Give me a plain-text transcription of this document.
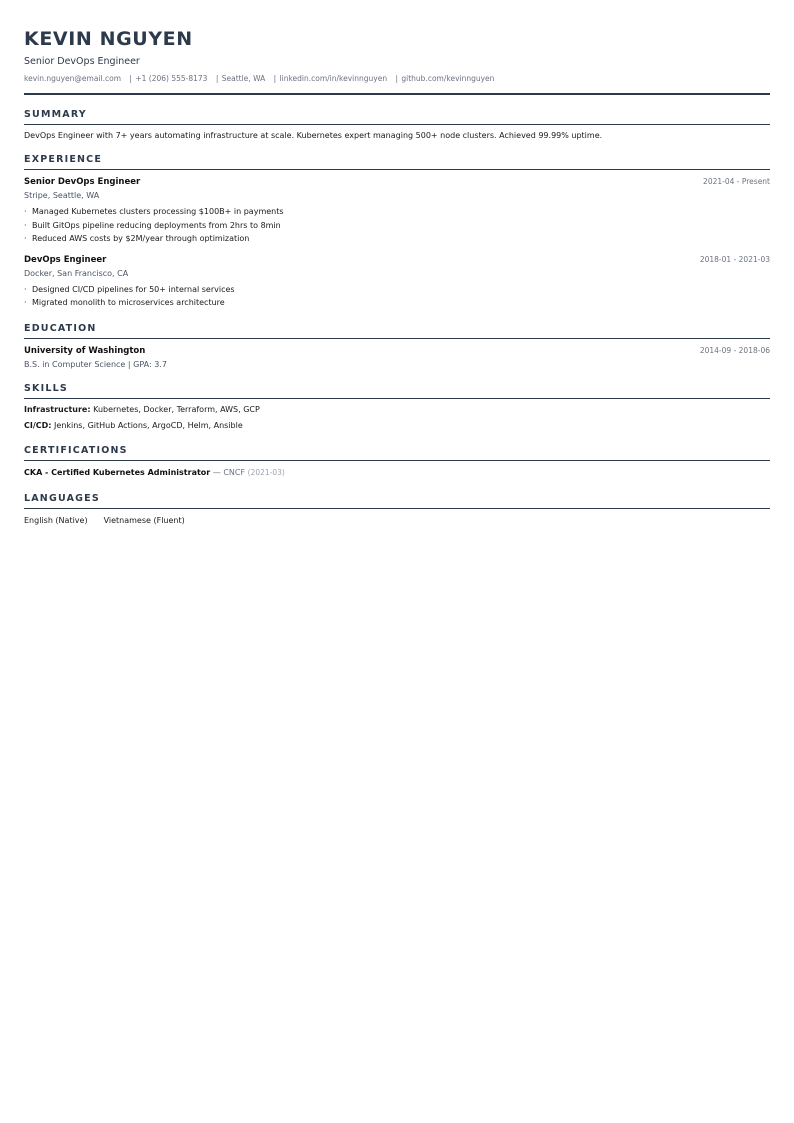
KEVIN NGUYEN
Senior DevOps Engineer
kevin.nguyen@email.com | +1 (206) 555-8173 | Seattle, WA | linkedin.com/in/kevinnguyen | github.com/kevinnguyen
SUMMARY
DevOps Engineer with 7+ years automating infrastructure at scale. Kubernetes expert managing 500+ node clusters. Achieved 99.99% uptime.
EXPERIENCE
Senior DevOps Engineer	2021-04 - Present
Stripe, Seattle, WA
· Managed Kubernetes clusters processing $100B+ in payments
· Built GitOps pipeline reducing deployments from 2hrs to 8min
· Reduced AWS costs by $2M/year through optimization
DevOps Engineer	2018-01 - 2021-03
Docker, San Francisco, CA
· Designed CI/CD pipelines for 50+ internal services
· Migrated monolith to microservices architecture
EDUCATION
University of Washington	2014-09 - 2018-06
B.S. in Computer Science | GPA: 3.7
SKILLS
Infrastructure: Kubernetes, Docker, Terraform, AWS, GCP
CI/CD: Jenkins, GitHub Actions, ArgoCD, Helm, Ansible
CERTIFICATIONS
CKA - Certified Kubernetes Administrator — CNCF (2021-03)
LANGUAGES
English (Native) Vietnamese (Fluent)
